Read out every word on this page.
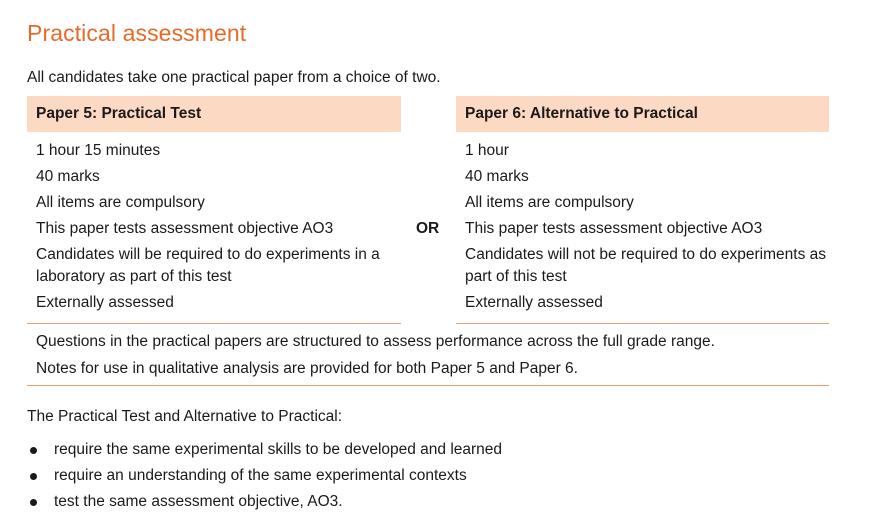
Practical assessment
All candidates take one practical paper from a choice of two.
Paper 5: Practical Test
1 hour 15 minutes
40 marks
All items are compulsory
This paper tests assessment objective AO3
Candidates will be required to do experiments in a laboratory as part of this test
Externally assessed
OR
Paper 6: Alternative to Practical
1 hour
40 marks
All items are compulsory
This paper tests assessment objective AO3
Candidates will not be required to do experiments as part of this test
Externally assessed
Questions in the practical papers are structured to assess performance across the full grade range.
Notes for use in qualitative analysis are provided for both Paper 5 and Paper 6.
The Practical Test and Alternative to Practical:
require the same experimental skills to be developed and learned
require an understanding of the same experimental contexts
test the same assessment objective, AO3.
